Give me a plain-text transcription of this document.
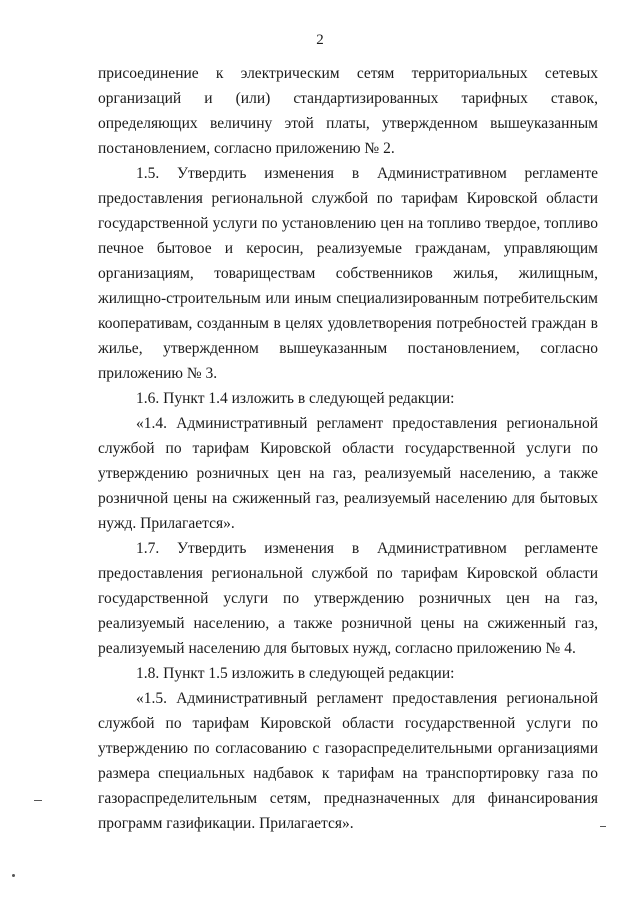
2

присоединение к электрическим сетям территориальных сетевых организаций и (или) стандартизированных тарифных ставок, определяющих величину этой платы, утвержденном вышеуказанным постановлением, согласно приложению № 2.

1.5. Утвердить изменения в Административном регламенте предоставления региональной службой по тарифам Кировской области государственной услуги по установлению цен на топливо твердое, топливо печное бытовое и керосин, реализуемые гражданам, управляющим организациям, товариществам собственников жилья, жилищным, жилищно-строительным или иным специализированным потребительским кооперативам, созданным в целях удовлетворения потребностей граждан в жилье, утвержденном вышеуказанным постановлением, согласно приложению № 3.

1.6. Пункт 1.4 изложить в следующей редакции:

«1.4. Административный регламент предоставления региональной службой по тарифам Кировской области государственной услуги по утверждению розничных цен на газ, реализуемый населению, а также розничной цены на сжиженный газ, реализуемый населению для бытовых нужд. Прилагается».

1.7. Утвердить изменения в Административном регламенте предоставления региональной службой по тарифам Кировской области государственной услуги по утверждению розничных цен на газ, реализуемый населению, а также розничной цены на сжиженный газ, реализуемый населению для бытовых нужд, согласно приложению № 4.

1.8. Пункт 1.5 изложить в следующей редакции:

«1.5. Административный регламент предоставления региональной службой по тарифам Кировской области государственной услуги по утверждению по согласованию с газораспределительными организациями размера специальных надбавок к тарифам на транспортировку газа по газораспределительным сетям, предназначенных для финансирования программ газификации. Прилагается».
